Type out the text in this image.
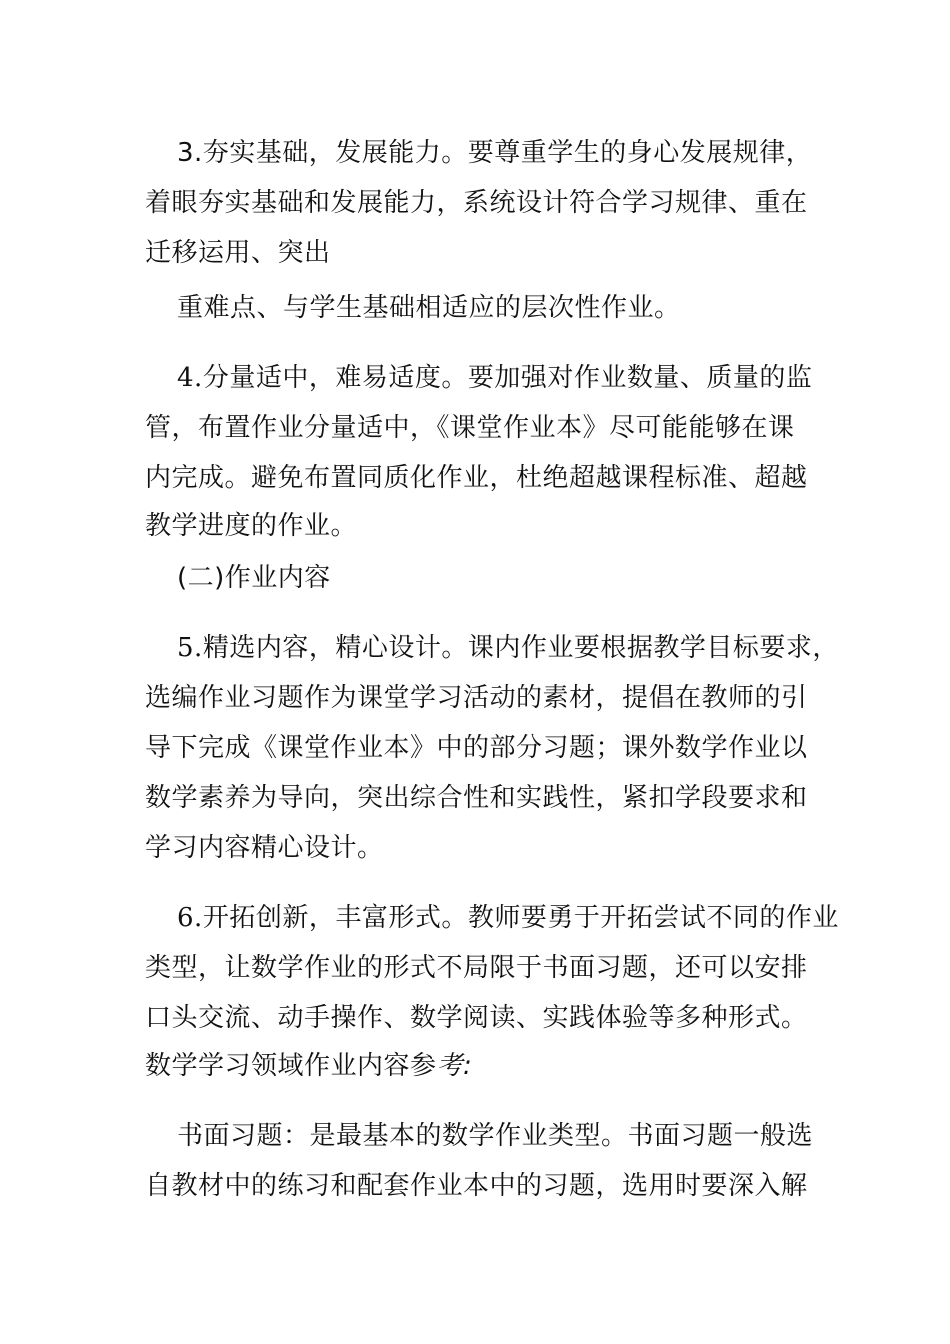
3.夯实基础，发展能力。要尊重学生的身心发展规律，
着眼夯实基础和发展能力，系统设计符合学习规律、重在
迁移运用、突出
重难点、与学生基础相适应的层次性作业。
4.分量适中，难易适度。要加强对作业数量、质量的监
管，布置作业分量适中，《课堂作业本》尽可能能够在课
内完成。避免布置同质化作业，杜绝超越课程标准、超越
教学进度的作业。
(二)作业内容
5.精选内容，精心设计。课内作业要根据教学目标要求，
选编作业习题作为课堂学习活动的素材，提倡在教师的引
导下完成《课堂作业本》中的部分习题；课外数学作业以
数学素养为导向，突出综合性和实践性，紧扣学段要求和
学习内容精心设计。
6.开拓创新，丰富形式。教师要勇于开拓尝试不同的作业
类型，让数学作业的形式不局限于书面习题，还可以安排
口头交流、动手操作、数学阅读、实践体验等多种形式。
数学学习领域作业内容参考:
书面习题：是最基本的数学作业类型。书面习题一般选
自教材中的练习和配套作业本中的习题，选用时要深入解
